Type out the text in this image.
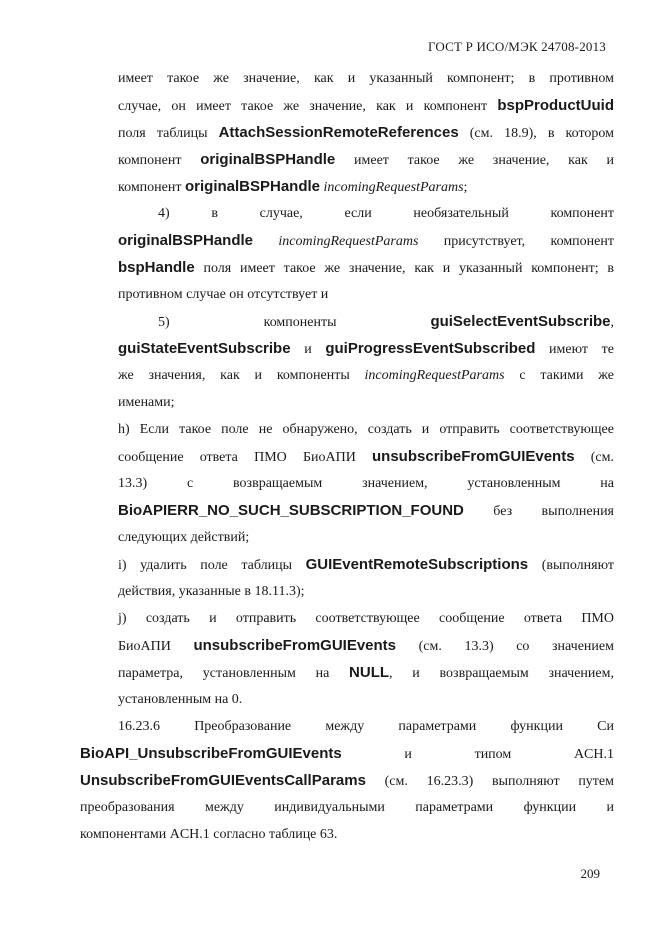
ГОСТ Р ИСО/МЭК 24708-2013
имеет такое же значение, как и указанный компонент; в противном
случае, он имеет такое же значение, как и компонент bspProductUuid
поля таблицы AttachSessionRemoteReferences (см. 18.9), в котором
компонент originalBSPHandle имеет такое же значение, как и
компонент originalBSPHandle incomingRequestParams;
4) в случае, если необязательный компонент
originalBSPHandle incomingRequestParams присутствует, компонент
bspHandle поля имеет такое же значение, как и указанный компонент; в
противном случае он отсутствует и
5) компоненты guiSelectEventSubscribe,
guiStateEventSubscribe и guiProgressEventSubscribed имеют те
же значения, как и компоненты incomingRequestParams с такими же
именами;
h) Если такое поле не обнаружено, создать и отправить соответствующее
сообщение ответа ПМО БиоАПИ unsubscribeFromGUIEvents (см.
13.3) с возвращаемым значением, установленным на
BioAPIERR_NO_SUCH_SUBSCRIPTION_FOUND без выполнения
следующих действий;
i) удалить поле таблицы GUIEventRemoteSubscriptions (выполняют
действия, указанные в 18.11.3);
j) создать и отправить соответствующее сообщение ответа ПМО
БиоАПИ unsubscribeFromGUIEvents (см. 13.3) со значением
параметра, установленным на NULL, и возвращаемым значением,
установленным на 0.
16.23.6 Преобразование между параметрами функции Си
BioAPI_UnsubscribeFromGUIEvents и типом ACH.1
UnsubscribeFromGUIEventsCallParams (см. 16.23.3) выполняют путем
преобразования между индивидуальными параметрами функции и
компонентами ACH.1 согласно таблице 63.
209
